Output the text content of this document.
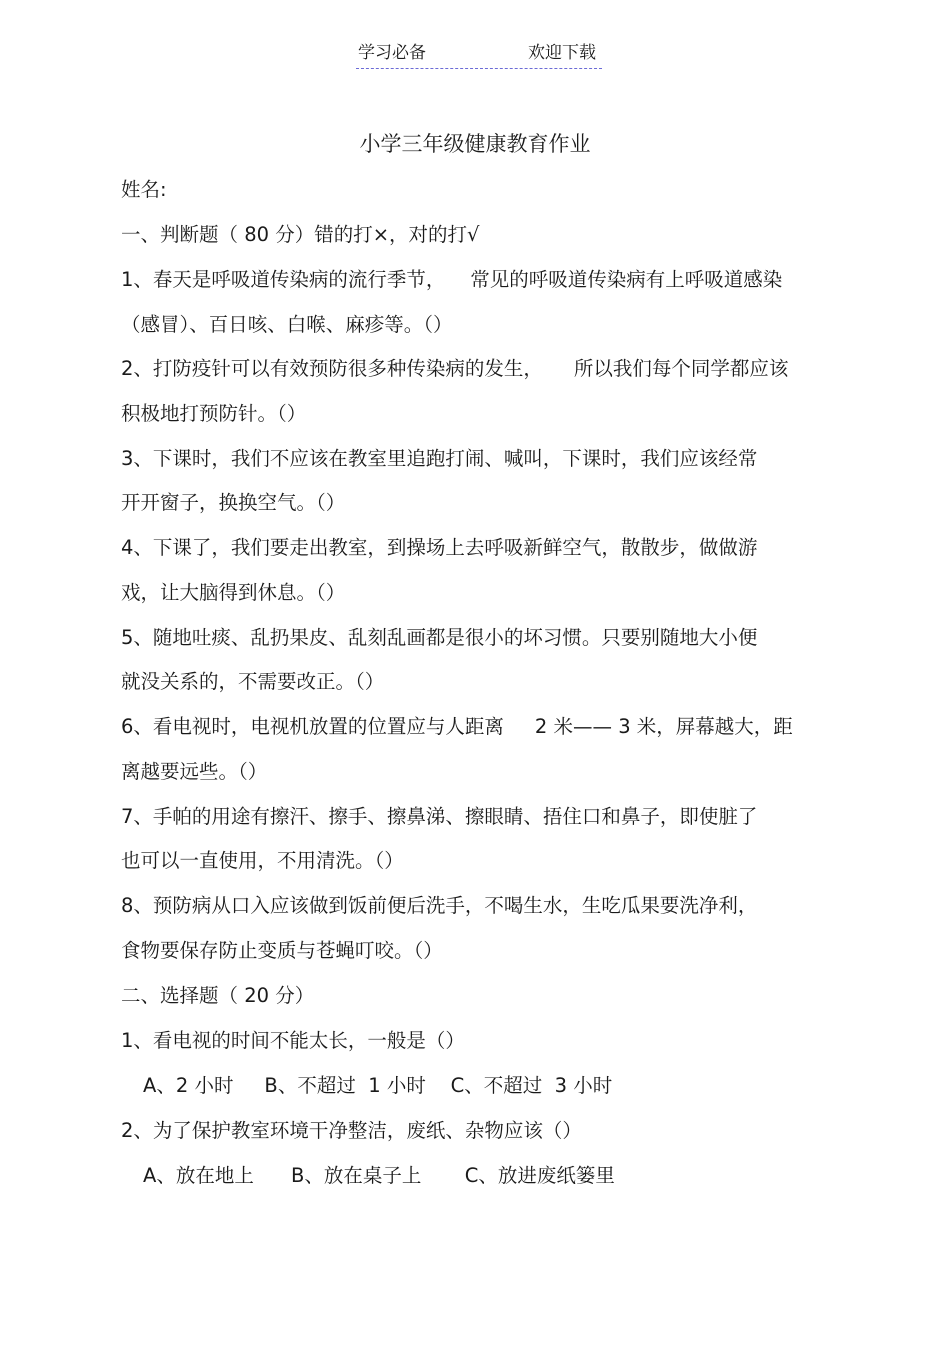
学习必备	欢迎下载
小学三年级健康教育作业
姓名:
一、判断题（ 80 分）错的打×，对的打√
1、春天是呼吸道传染病的流行季节，    常见的呼吸道传染病有上呼吸道感染
（感冒）、百日咳、白喉、麻疹等。（）
2、打防疫针可以有效预防很多种传染病的发生，     所以我们每个同学都应该
积极地打预防针。（）
3、下课时，我们不应该在教室里追跑打闹、喊叫，下课时，我们应该经常
开开窗子，换换空气。（）
4、下课了，我们要走出教室，到操场上去呼吸新鲜空气，散散步，做做游
戏，让大脑得到休息。（）
5、随地吐痰、乱扔果皮、乱刻乱画都是很小的坏习惯。只要别随地大小便
就没关系的，不需要改正。（）
6、看电视时，电视机放置的位置应与人距离     2 米—— 3 米，屏幕越大，距
离越要远些。（）
7、手帕的用途有擦汗、擦手、擦鼻涕、擦眼睛、捂住口和鼻子，即使脏了
也可以一直使用，不用清洗。（）
8、预防病从口入应该做到饭前便后洗手，不喝生水，生吃瓜果要洗净利，
食物要保存防止变质与苍蝇叮咬。（）
二、选择题（ 20 分）
1、看电视的时间不能太长，一般是（）
A、2 小时     B、不超过  1 小时    C、不超过  3 小时
2、为了保护教室环境干净整洁，废纸、杂物应该（）
A、放在地上      B、放在桌子上       C、放进废纸篓里
